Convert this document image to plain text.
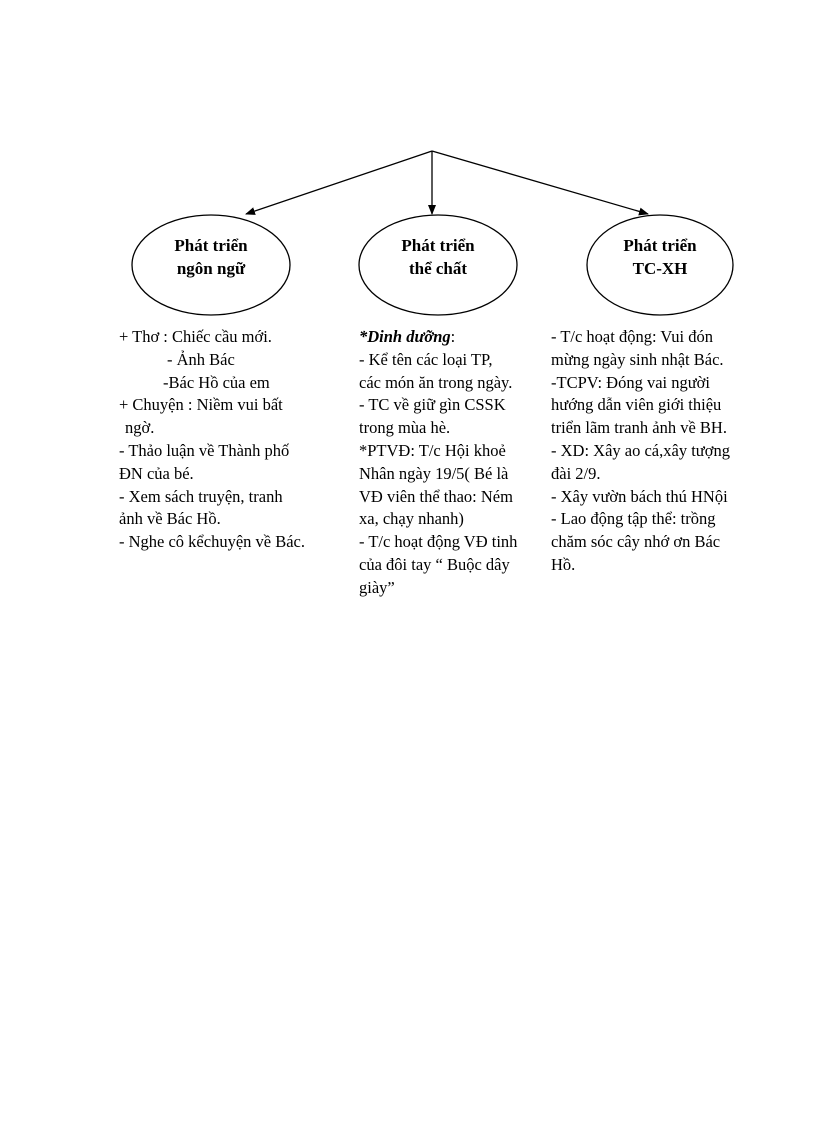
Phát triển
ngôn ngữ
Phát triển
thể chất
Phát triển
TC-XH
+ Thơ : Chiếc cầu mới.
- Ảnh Bác
-Bác Hồ của em
+ Chuyện : Niềm vui bất
ngờ.
- Thảo luận về Thành phố
ĐN của bé.
- Xem sách truyện, tranh
ảnh về Bác Hồ.
- Nghe cô kểchuyện về Bác.
*Dinh dưỡng:
- Kể tên các loại TP,
các món ăn trong ngày.
- TC về giữ gìn CSSK
trong mùa hè.
*PTVĐ: T/c Hội khoẻ
Nhân ngày 19/5( Bé là
VĐ viên thể thao: Ném
xa, chạy nhanh)
- T/c hoạt động VĐ tinh
của đôi tay “ Buộc dây
giày”
- T/c hoạt động: Vui đón
mừng ngày sinh nhật Bác.
-TCPV: Đóng vai người
hướng dẫn viên giới thiệu
triển lãm tranh ảnh về BH.
- XD: Xây ao cá,xây tượng
đài 2/9.
- Xây vườn bách thú HNội
- Lao động tập thể: trồng
chăm sóc cây nhớ ơn Bác
Hồ.
